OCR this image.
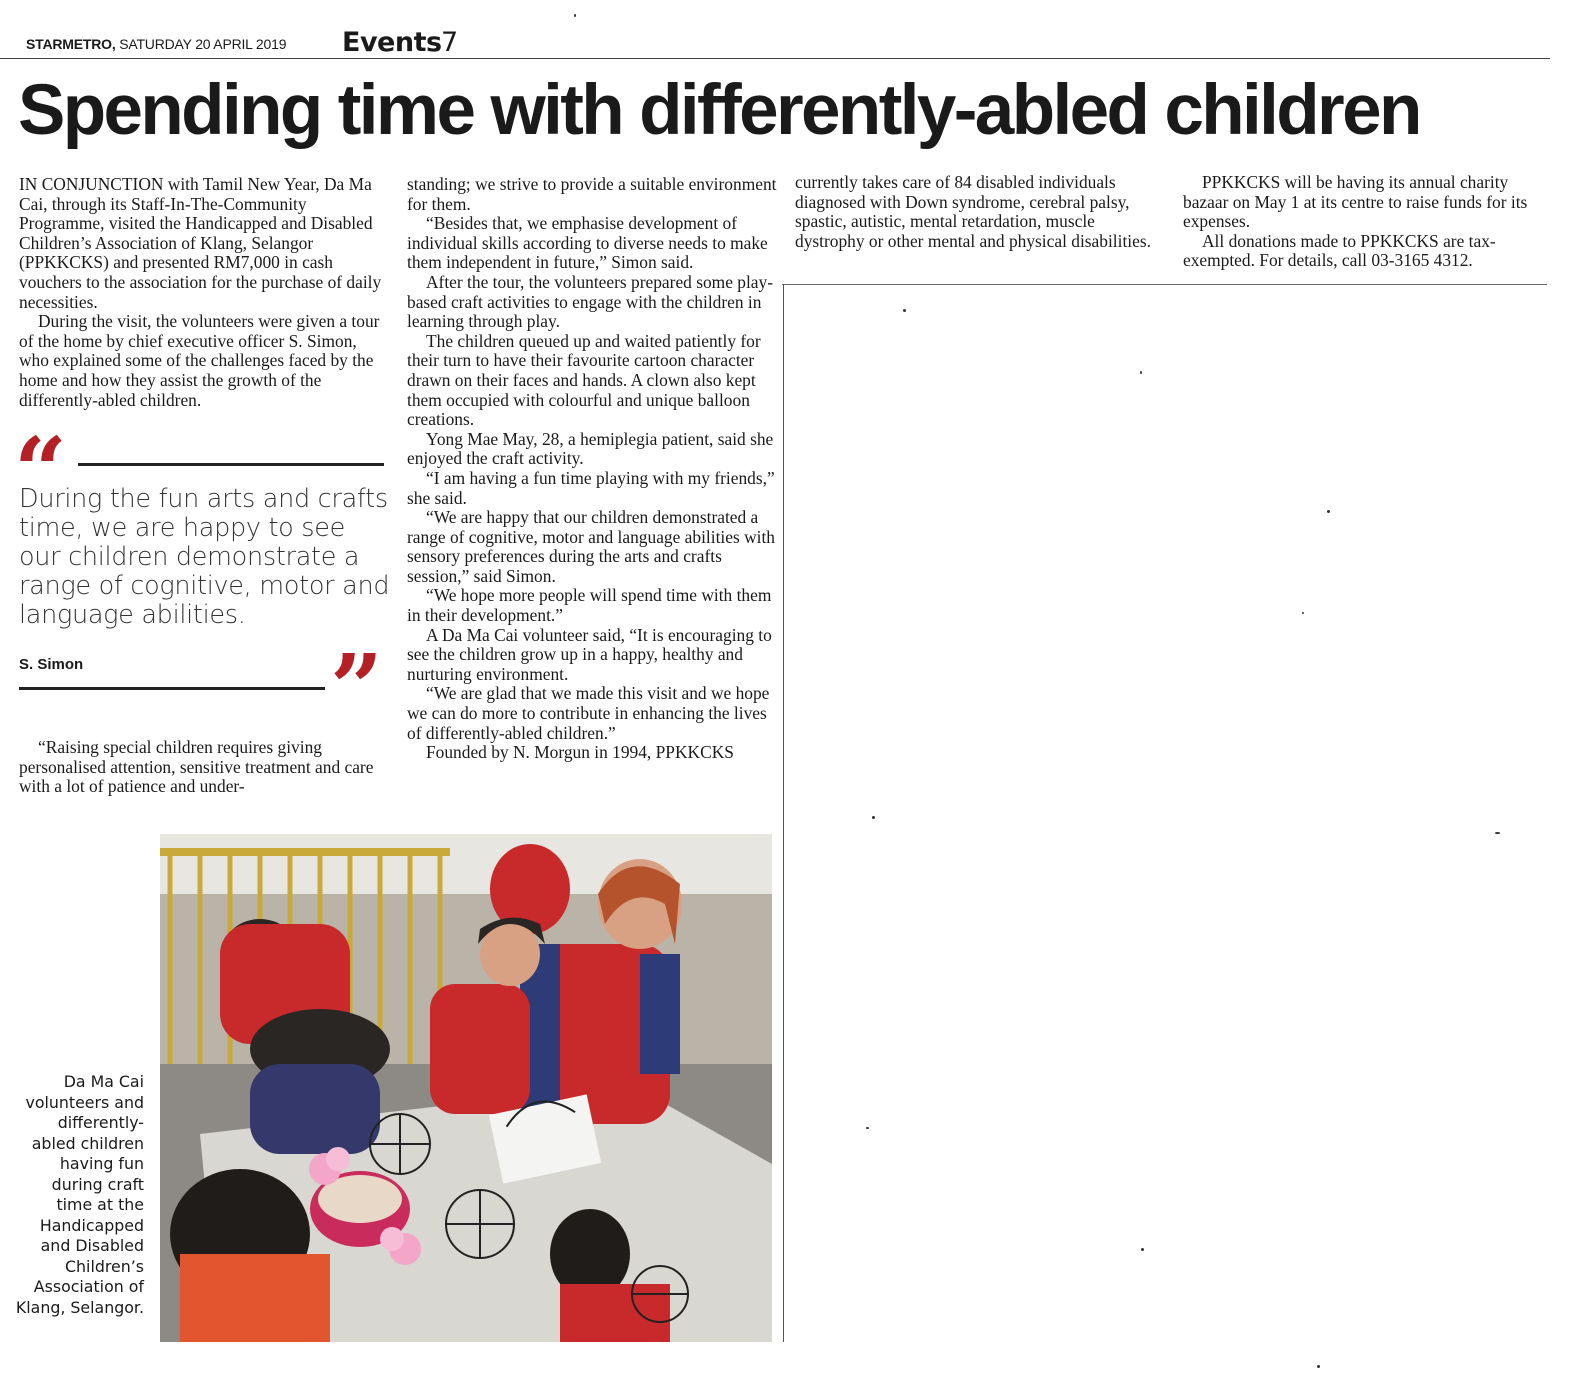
STARMETRO, SATURDAY 20 APRIL 2019 Events 7
Spending time with differently-abled children

IN CONJUNCTION with Tamil New Year, Da Ma Cai, through its Staff-In-The-Community Programme, visited the Handicapped and Disabled Children’s Association of Klang, Selangor (PPKKCKS) and presented RM7,000 in cash vouchers to the association for the purchase of daily necessities.

During the visit, the volunteers were given a tour of the home by chief executive officer S. Simon, who explained some of the challenges faced by the home and how they assist the growth of the differently-abled children.

“
During the fun arts and crafts time, we are happy to see our children demonstrate a range of cognitive, motor and language abilities.
S. Simon	”

“Raising special children requires giving personalised attention, sensitive treatment and care with a lot of patience and under-

standing; we strive to provide a suitable environment for them.

“Besides that, we emphasise development of individual skills according to diverse needs to make them independent in future,” Simon said.

After the tour, the volunteers prepared some play-based craft activities to engage with the children in learning through play.

The children queued up and waited patiently for their turn to have their favourite cartoon character drawn on their faces and hands. A clown also kept them occupied with colourful and unique balloon creations.

Yong Mae May, 28, a hemiplegia patient, said she enjoyed the craft activity.

“I am having a fun time playing with my friends,” she said.

“We are happy that our children demonstrated a range of cognitive, motor and language abilities with sensory preferences during the arts and crafts session,” said Simon.

“We hope more people will spend time with them in their development.”

A Da Ma Cai volunteer said, “It is encouraging to see the children grow up in a happy, healthy and nurturing environment.

“We are glad that we made this visit and we hope we can do more to contribute in enhancing the lives of differently-abled children.”

Founded by N. Morgun in 1994, PPKKCKS

currently takes care of 84 disabled individuals diagnosed with Down syndrome, cerebral palsy, spastic, autistic, mental retardation, muscle dystrophy or other mental and physical disabilities.

PPKKCKS will be having its annual charity bazaar on May 1 at its centre to raise funds for its expenses.

All donations made to PPKKCKS are tax-exempted. For details, call 03-3165 4312.

Da Ma Cai volunteers and differently-abled children having fun during craft time at the Handicapped and Disabled Children’s Association of Klang, Selangor.
